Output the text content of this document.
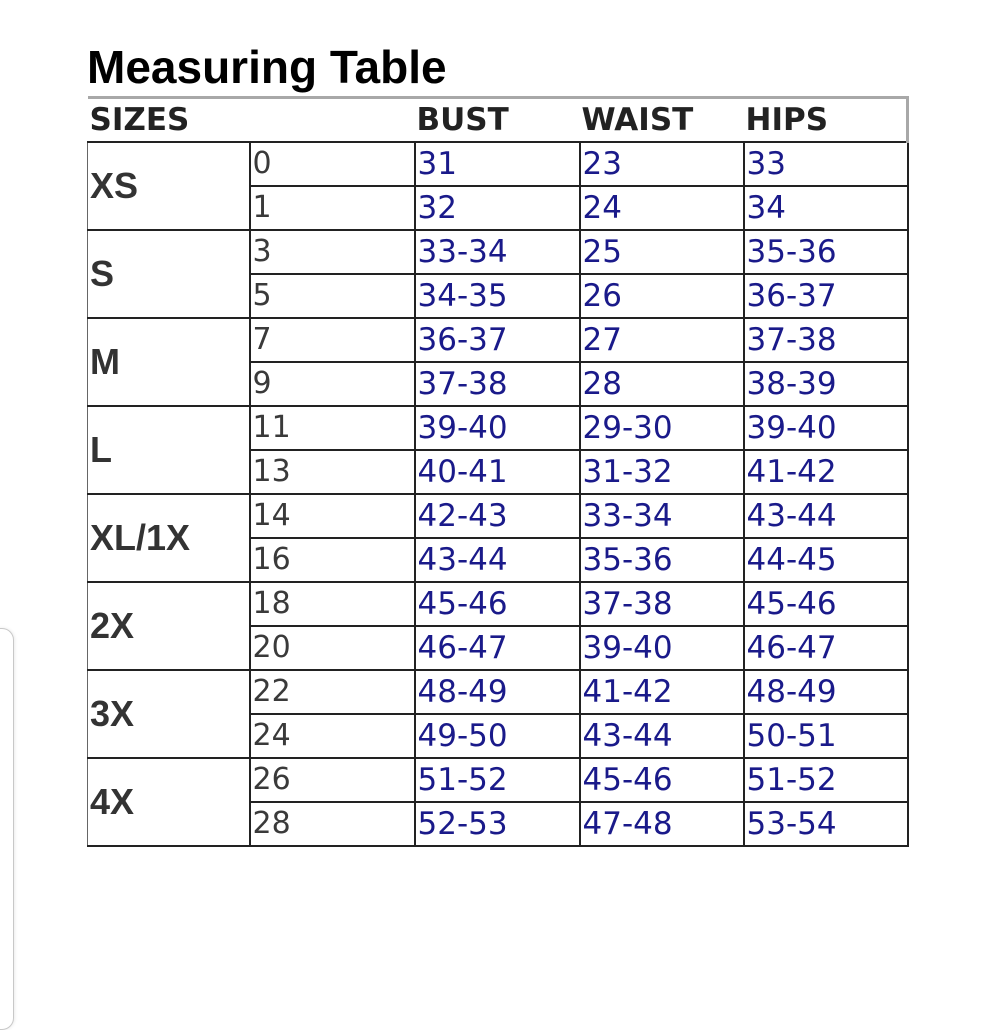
Measuring Table
SIZES		BUST	WAIST	HIPS
XS	0	31	23	33
	1	32	24	34
S	3	33-34	25	35-36
	5	34-35	26	36-37
M	7	36-37	27	37-38
	9	37-38	28	38-39
L	11	39-40	29-30	39-40
	13	40-41	31-32	41-42
XL/1X	14	42-43	33-34	43-44
	16	43-44	35-36	44-45
2X	18	45-46	37-38	45-46
	20	46-47	39-40	46-47
3X	22	48-49	41-42	48-49
	24	49-50	43-44	50-51
4X	26	51-52	45-46	51-52
	28	52-53	47-48	53-54
